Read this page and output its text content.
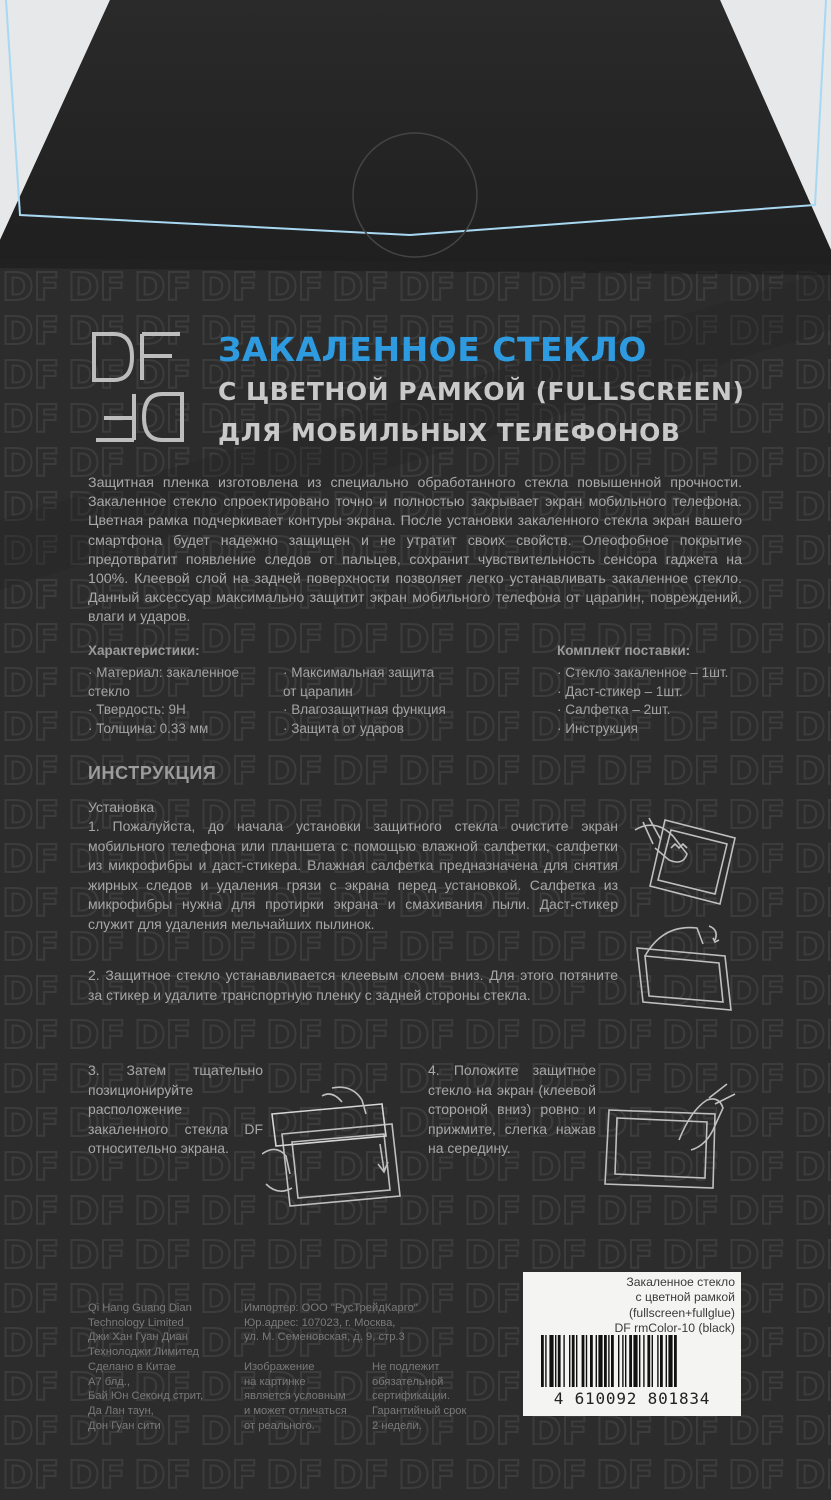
ЗАКАЛЕННОЕ СТЕКЛО
С ЦВЕТНОЙ РАМКОЙ (FULLSCREEN)
ДЛЯ МОБИЛЬНЫХ ТЕЛЕФОНОВ
Защитная пленка изготовлена из специально обработанного стекла повышенной прочности. Закаленное стекло спроектировано точно и полностью закрывает экран мобильного телефона. Цветная рамка подчеркивает контуры экрана. После установки закаленного стекла экран вашего смартфона будет надежно защищен и не утратит своих свойств. Олеофобное покрытие предотвратит появление следов от пальцев, сохранит чувствительность сенсора гаджета на 100%. Клеевой слой на задней поверхности позволяет легко устанавливать закаленное стекло. Данный аксессуар максимально защитит экран мобильного телефона от царапин, повреждений, влаги и ударов.
Характеристики:
· Материал: закаленное
стекло
· Твердость: 9H
· Толщина: 0.33 мм
· Максимальная защита
от царапин
· Влагозащитная функция
· Защита от ударов
Комплект поставки:
· Стекло закаленное – 1шт.
· Даст-стикер – 1шт.
· Салфетка – 2шт.
· Инструкция
ИНСТРУКЦИЯ
Установка
1. Пожалуйста, до начала установки защитного стекла очистите экран мобильного телефона или планшета с помощью влажной салфетки, салфетки из микрофибры и даст-стикера. Влажная салфетка предназначена для снятия жирных следов и удаления грязи с экрана перед установкой. Салфетка из микрофибры нужна для протирки экрана и смахивания пыли. Даст-стикер служит для удаления мельчайших пылинок.
2. Защитное стекло устанавливается клеевым слоем вниз. Для этого потяните за стикер и удалите транспортную пленку с задней стороны стекла.
3. Затем тщательно позиционируйте расположение закаленного стекла DF относительно экрана.
4. Положите защитное стекло на экран (клеевой стороной вниз) ровно и прижмите, слегка нажав на середину.
Qi Hang Guang Dian
Technology Limited
Джи Хан Гуан Диан
Технолоджи Лимитед
Сделано в Китае
А7 блд.,
Бай Юн Секонд стрит,
Да Лан таун,
Дон Гуан сити
Импортер: ООО "РусТрейдКарго"
Юр.адрес: 107023, г. Москва,
ул. М. Семеновская, д. 9, стр.3
Изображение
на картинке
является условным
и может отличаться
от реального.
Не подлежит
обязательной
сертификации.
Гарантийный срок
2 недели.
Закаленное стекло
с цветной рамкой
(fullscreen+fullglue)
DF rmColor-10 (black)
4 610092 801834
